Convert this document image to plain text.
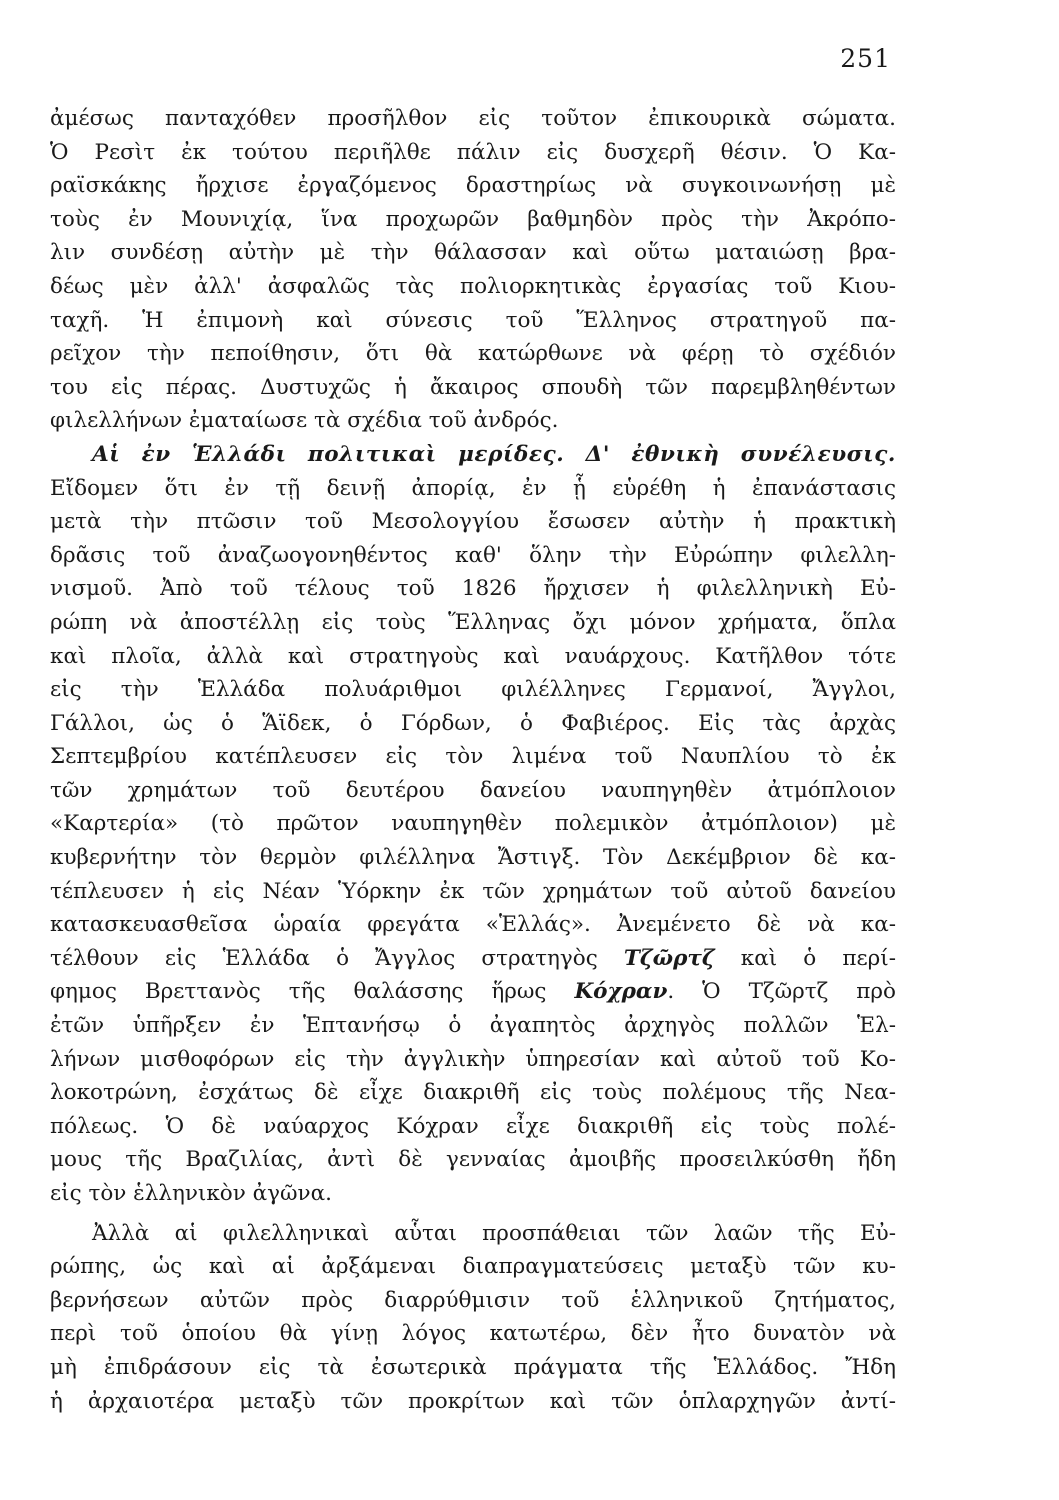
251
ἀμέσως πανταχόθεν προσῆλθον εἰς τοῦτον ἐπικουρικὰ σώματα.
Ὁ Ρεσὶτ ἐκ τούτου περιῆλθε πάλιν εἰς δυσχερῆ θέσιν. Ὁ Κα-
ραϊσκάκης ἤρχισε ἐργαζόμενος δραστηρίως νὰ συγκοινωνήσῃ μὲ
τοὺς ἐν Μουνιχίᾳ, ἵνα προχωρῶν βαθμηδὸν πρὸς τὴν Ἀκρόπο-
λιν συνδέσῃ αὐτὴν μὲ τὴν θάλασσαν καὶ οὕτω ματαιώσῃ βρα-
δέως μὲν ἀλλ' ἀσφαλῶς τὰς πολιορκητικὰς ἐργασίας τοῦ Κιου-
ταχῆ. Ἡ ἐπιμονὴ καὶ σύνεσις τοῦ Ἕλληνος στρατηγοῦ πα-
ρεῖχον τὴν πεποίθησιν, ὅτι θὰ κατώρθωνε νὰ φέρῃ τὸ σχέδιόν
του εἰς πέρας. Δυστυχῶς ἡ ἄκαιρος σπουδὴ τῶν παρεμβληθέντων
φιλελλήνων ἐματαίωσε τὰ σχέδια τοῦ ἀνδρός.
Αἱ ἐν Ἑλλάδι πολιτικαὶ μερίδες. Δ' ἐθνικὴ συνέλευσις.
Εἴδομεν ὅτι ἐν τῇ δεινῇ ἀπορίᾳ, ἐν ᾗ εὑρέθη ἡ ἐπανάστασις
μετὰ τὴν πτῶσιν τοῦ Μεσολογγίου ἔσωσεν αὐτὴν ἡ πρακτικὴ
δρᾶσις τοῦ ἀναζωογονηθέντος καθ' ὅλην τὴν Εὐρώπην φιλελλη-
νισμοῦ. Ἀπὸ τοῦ τέλους τοῦ 1826 ἤρχισεν ἡ φιλελληνικὴ Εὐ-
ρώπη νὰ ἀποστέλλῃ εἰς τοὺς Ἕλληνας ὄχι μόνον χρήματα, ὅπλα
καὶ πλοῖα, ἀλλὰ καὶ στρατηγοὺς καὶ ναυάρχους. Κατῆλθον τότε
εἰς τὴν Ἑλλάδα πολυάριθμοι φιλέλληνες Γερμανοί, Ἄγγλοι,
Γάλλοι, ὡς ὁ Ἅϊδεκ, ὁ Γόρδων, ὁ Φαβιέρος. Εἰς τὰς ἀρχὰς
Σεπτεμβρίου κατέπλευσεν εἰς τὸν λιμένα τοῦ Ναυπλίου τὸ ἐκ
τῶν χρημάτων τοῦ δευτέρου δανείου ναυπηγηθὲν ἀτμόπλοιον
«Καρτερία» (τὸ πρῶτον ναυπηγηθὲν πολεμικὸν ἀτμόπλοιον) μὲ
κυβερνήτην τὸν θερμὸν φιλέλληνα Ἄστιγξ. Τὸν Δεκέμβριον δὲ κα-
τέπλευσεν ἡ εἰς Νέαν Ὑόρκην ἐκ τῶν χρημάτων τοῦ αὐτοῦ δανείου
κατασκευασθεῖσα ὡραία φρεγάτα «Ἑλλάς». Ἀνεμένετο δὲ νὰ κα-
τέλθουν εἰς Ἑλλάδα ὁ Ἄγγλος στρατηγὸς Τζῶρτζ καὶ ὁ περί-
φημος Βρεττανὸς τῆς θαλάσσης ἥρως Κόχραν. Ὁ Τζῶρτζ πρὸ
ἐτῶν ὑπῆρξεν ἐν Ἑπτανήσῳ ὁ ἀγαπητὸς ἀρχηγὸς πολλῶν Ἑλ-
λήνων μισθοφόρων εἰς τὴν ἀγγλικὴν ὑπηρεσίαν καὶ αὐτοῦ τοῦ Κο-
λοκοτρώνη, ἐσχάτως δὲ εἶχε διακριθῆ εἰς τοὺς πολέμους τῆς Νεα-
πόλεως. Ὁ δὲ ναύαρχος Κόχραν εἶχε διακριθῆ εἰς τοὺς πολέ-
μους τῆς Βραζιλίας, ἀντὶ δὲ γενναίας ἀμοιβῆς προσειλκύσθη ἤδη
εἰς τὸν ἑλληνικὸν ἀγῶνα.
Ἀλλὰ αἱ φιλελληνικαὶ αὗται προσπάθειαι τῶν λαῶν τῆς Εὐ-
ρώπης, ὡς καὶ αἱ ἀρξάμεναι διαπραγματεύσεις μεταξὺ τῶν κυ-
βερνήσεων αὐτῶν πρὸς διαρρύθμισιν τοῦ ἑλληνικοῦ ζητήματος,
περὶ τοῦ ὁποίου θὰ γίνῃ λόγος κατωτέρω, δὲν ἦτο δυνατὸν νὰ
μὴ ἐπιδράσουν εἰς τὰ ἐσωτερικὰ πράγματα τῆς Ἑλλάδος. Ἤδη
ἡ ἀρχαιοτέρα μεταξὺ τῶν προκρίτων καὶ τῶν ὁπλαρχηγῶν ἀντί-
